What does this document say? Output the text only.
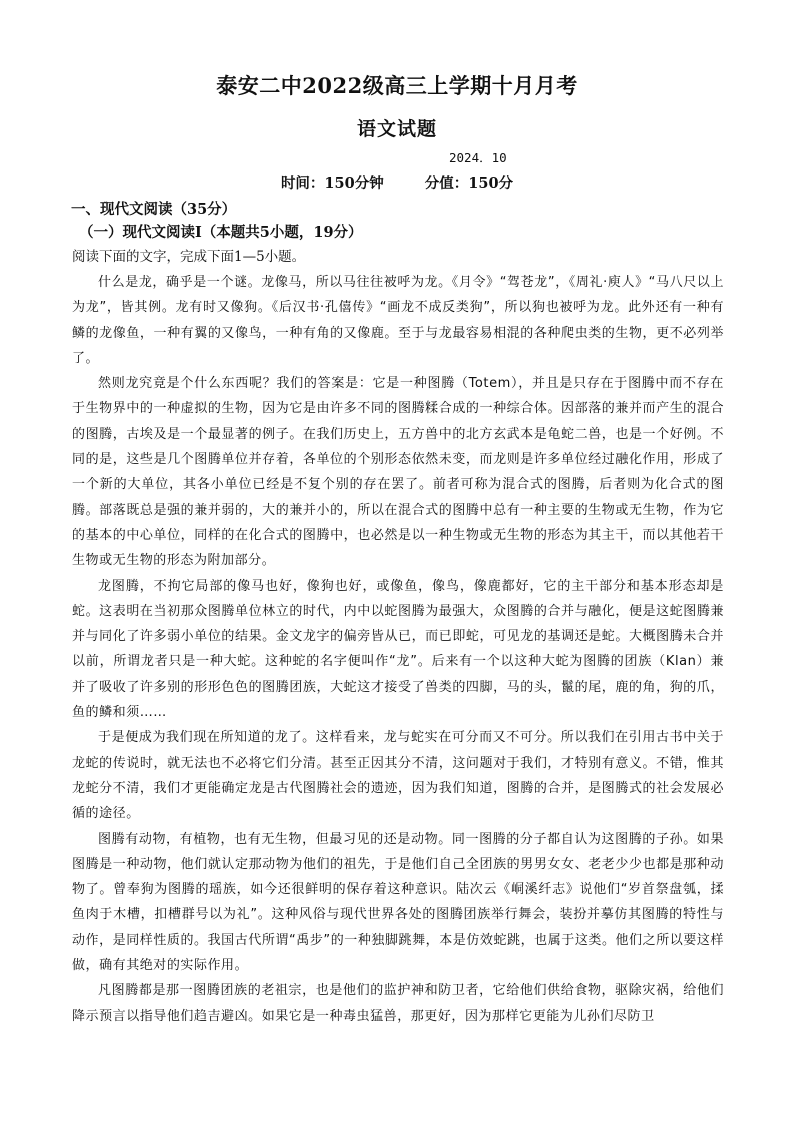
泰安二中2022级高三上学期十月月考
语文试题
2024．10
时间：150分钟	分值：150分
一、现代文阅读（35分）
（一）现代文阅读Ⅰ（本题共5小题，19分）
阅读下面的文字，完成下面1—5小题。

什么是龙，确乎是一个谜。龙像马，所以马往往被呼为龙。《月令》“驾苍龙”，《周礼·庾人》“马八尺以上为龙”，皆其例。龙有时又像狗。《后汉书·孔僖传》“画龙不成反类狗”，所以狗也被呼为龙。此外还有一种有鳞的龙像鱼，一种有翼的又像鸟，一种有角的又像鹿。至于与龙最容易相混的各种爬虫类的生物，更不必列举了。

然则龙究竟是个什么东西呢？我们的答案是：它是一种图腾（Totem），并且是只存在于图腾中而不存在于生物界中的一种虚拟的生物，因为它是由许多不同的图腾糅合成的一种综合体。因部落的兼并而产生的混合的图腾，古埃及是一个最显著的例子。在我们历史上，五方兽中的北方玄武本是龟蛇二兽，也是一个好例。不同的是，这些是几个图腾单位并存着，各单位的个别形态依然未变，而龙则是许多单位经过融化作用，形成了一个新的大单位，其各小单位已经是不复个别的存在罢了。前者可称为混合式的图腾，后者则为化合式的图腾。部落既总是强的兼并弱的，大的兼并小的，所以在混合式的图腾中总有一种主要的生物或无生物，作为它的基本的中心单位，同样的在化合式的图腾中，也必然是以一种生物或无生物的形态为其主干，而以其他若干生物或无生物的形态为附加部分。

龙图腾，不拘它局部的像马也好，像狗也好，或像鱼，像鸟，像鹿都好，它的主干部分和基本形态却是蛇。这表明在当初那众图腾单位林立的时代，内中以蛇图腾为最强大，众图腾的合并与融化，便是这蛇图腾兼并与同化了许多弱小单位的结果。金文龙字的偏旁皆从已，而已即蛇，可见龙的基调还是蛇。大概图腾未合并以前，所谓龙者只是一种大蛇。这种蛇的名字便叫作“龙”。后来有一个以这种大蛇为图腾的团族（Klan）兼并了吸收了许多别的形形色色的图腾团族，大蛇这才接受了兽类的四脚，马的头，鬣的尾，鹿的角，狗的爪，鱼的鳞和须……

于是便成为我们现在所知道的龙了。这样看来，龙与蛇实在可分而又不可分。所以我们在引用古书中关于龙蛇的传说时，就无法也不必将它们分清。甚至正因其分不清，这问题对于我们，才特别有意义。不错，惟其龙蛇分不清，我们才更能确定龙是古代图腾社会的遗迹，因为我们知道，图腾的合并，是图腾式的社会发展必循的途径。

图腾有动物，有植物，也有无生物，但最习见的还是动物。同一图腾的分子都自认为这图腾的子孙。如果图腾是一种动物，他们就认定那动物为他们的祖先，于是他们自己全团族的男男女女、老老少少也都是那种动物了。曾奉狗为图腾的瑶族，如今还很鲜明的保存着这种意识。陆次云《峒溪纤志》说他们“岁首祭盘瓠，揉鱼肉于木槽，扣槽群号以为礼”。这种风俗与现代世界各处的图腾团族举行舞会，装扮并摹仿其图腾的特性与动作，是同样性质的。我国古代所谓“禹步”的一种独脚跳舞，本是仿效蛇跳，也属于这类。他们之所以要这样做，确有其绝对的实际作用。

凡图腾都是那一图腾团族的老祖宗，也是他们的监护神和防卫者，它给他们供给食物，驱除灾祸，给他们降示预言以指导他们趋吉避凶。如果它是一种毒虫猛兽，那更好，因为那样它更能为儿孙们尽防卫
